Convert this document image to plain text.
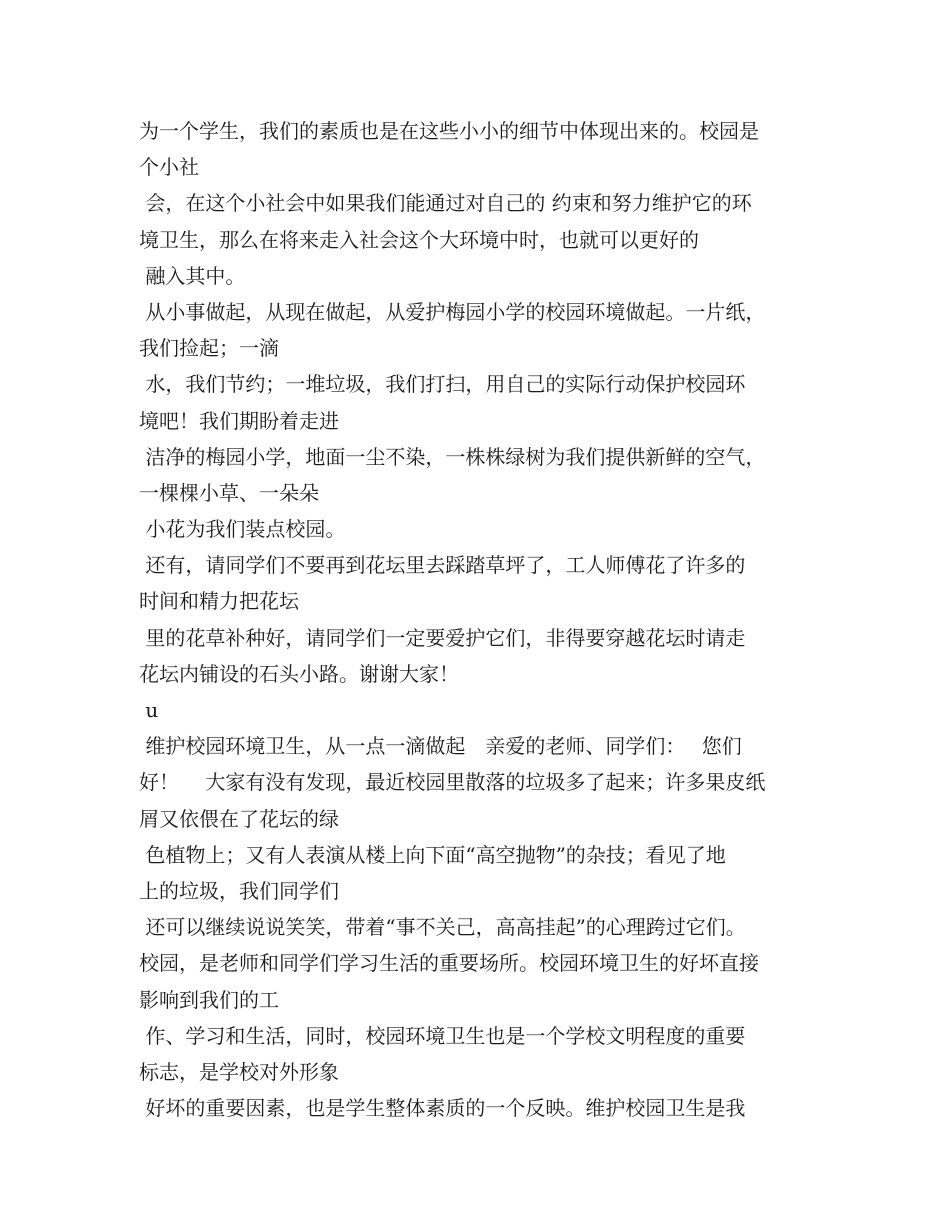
为一个学生，我们的素质也是在这些小小的细节中体现出来的。校园是
个小社
会，在这个小社会中如果我们能通过对自己的 约束和努力维护它的环
境卫生，那么在将来走入社会这个大环境中时，也就可以更好的
融入其中。
从小事做起，从现在做起，从爱护梅园小学的校园环境做起。一片纸，
我们捡起；一滴
水，我们节约；一堆垃圾，我们打扫，用自己的实际行动保护校园环
境吧！我们期盼着走进
洁净的梅园小学，地面一尘不染，一株株绿树为我们提供新鲜的空气，
一棵棵小草、一朵朵
小花为我们装点校园。
还有，请同学们不要再到花坛里去踩踏草坪了，工人师傅花了许多的
时间和精力把花坛
里的花草补种好，请同学们一定要爱护它们，非得要穿越花坛时请走
花坛内铺设的石头小路。谢谢大家！
u
维护校园环境卫生，从一点一滴做起　亲爱的老师、同学们：　 您们
好！　 大家有没有发现，最近校园里散落的垃圾多了起来；许多果皮纸
屑又依偎在了花坛的绿
色植物上；又有人表演从楼上向下面“高空抛物”的杂技；看见了地
上的垃圾，我们同学们
还可以继续说说笑笑，带着“事不关己，高高挂起”的心理跨过它们。
校园，是老师和同学们学习生活的重要场所。校园环境卫生的好坏直接
影响到我们的工
作、学习和生活，同时，校园环境卫生也是一个学校文明程度的重要
标志，是学校对外形象
好坏的重要因素，也是学生整体素质的一个反映。维护校园卫生是我
